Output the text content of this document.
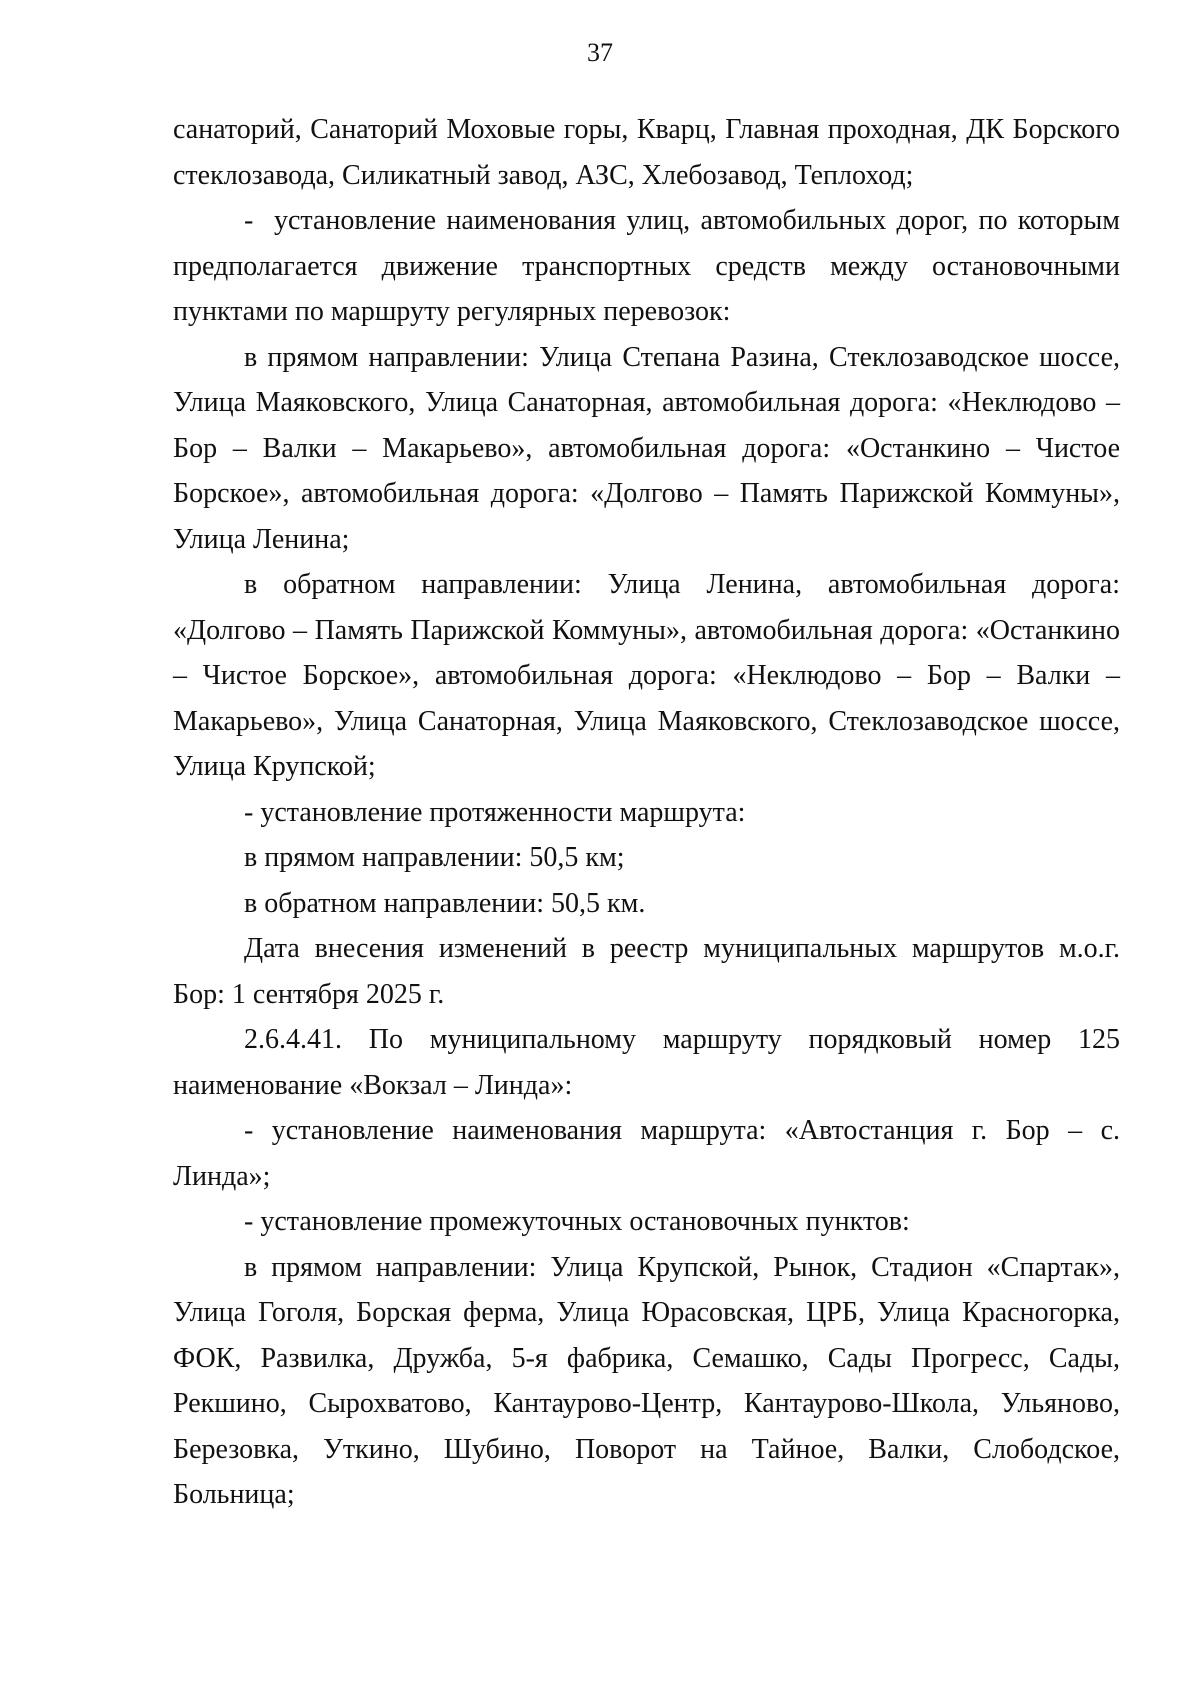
37

санаторий, Санаторий Моховые горы, Кварц, Главная проходная, ДК Борского стеклозавода, Силикатный завод, АЗС, Хлебозавод, Теплоход;

-  установление наименования улиц, автомобильных дорог, по которым предполагается движение транспортных средств между остановочными пунктами по маршруту регулярных перевозок:

в прямом направлении: Улица Степана Разина, Стеклозаводское шоссе, Улица Маяковского, Улица Санаторная, автомобильная дорога: «Неклюдово – Бор – Валки – Макарьево», автомобильная дорога: «Останкино – Чистое Борское», автомобильная дорога: «Долгово – Память Парижской Коммуны», Улица Ленина;

в обратном направлении: Улица Ленина, автомобильная дорога: «Долгово – Память Парижской Коммуны», автомобильная дорога: «Останкино – Чистое Борское», автомобильная дорога: «Неклюдово – Бор – Валки – Макарьево», Улица Санаторная, Улица Маяковского, Стеклозаводское шоссе, Улица Крупской;

- установление протяженности маршрута:

в прямом направлении: 50,5 км;

в обратном направлении: 50,5 км.

Дата внесения изменений в реестр муниципальных маршрутов м.о.г. Бор: 1 сентября 2025 г.

2.6.4.41. По муниципальному маршруту порядковый номер 125 наименование «Вокзал – Линда»:

- установление наименования маршрута: «Автостанция г. Бор – с. Линда»;

- установление промежуточных остановочных пунктов:

в прямом направлении: Улица Крупской, Рынок, Стадион «Спартак», Улица Гоголя, Борская ферма, Улица Юрасовская, ЦРБ, Улица Красногорка, ФОК, Развилка, Дружба, 5-я фабрика, Семашко, Сады Прогресс, Сады, Рекшино, Сырохватово, Кантаурово-Центр, Кантаурово-Школа, Ульяново, Березовка, Уткино, Шубино, Поворот на Тайное, Валки, Слободское, Больница;
